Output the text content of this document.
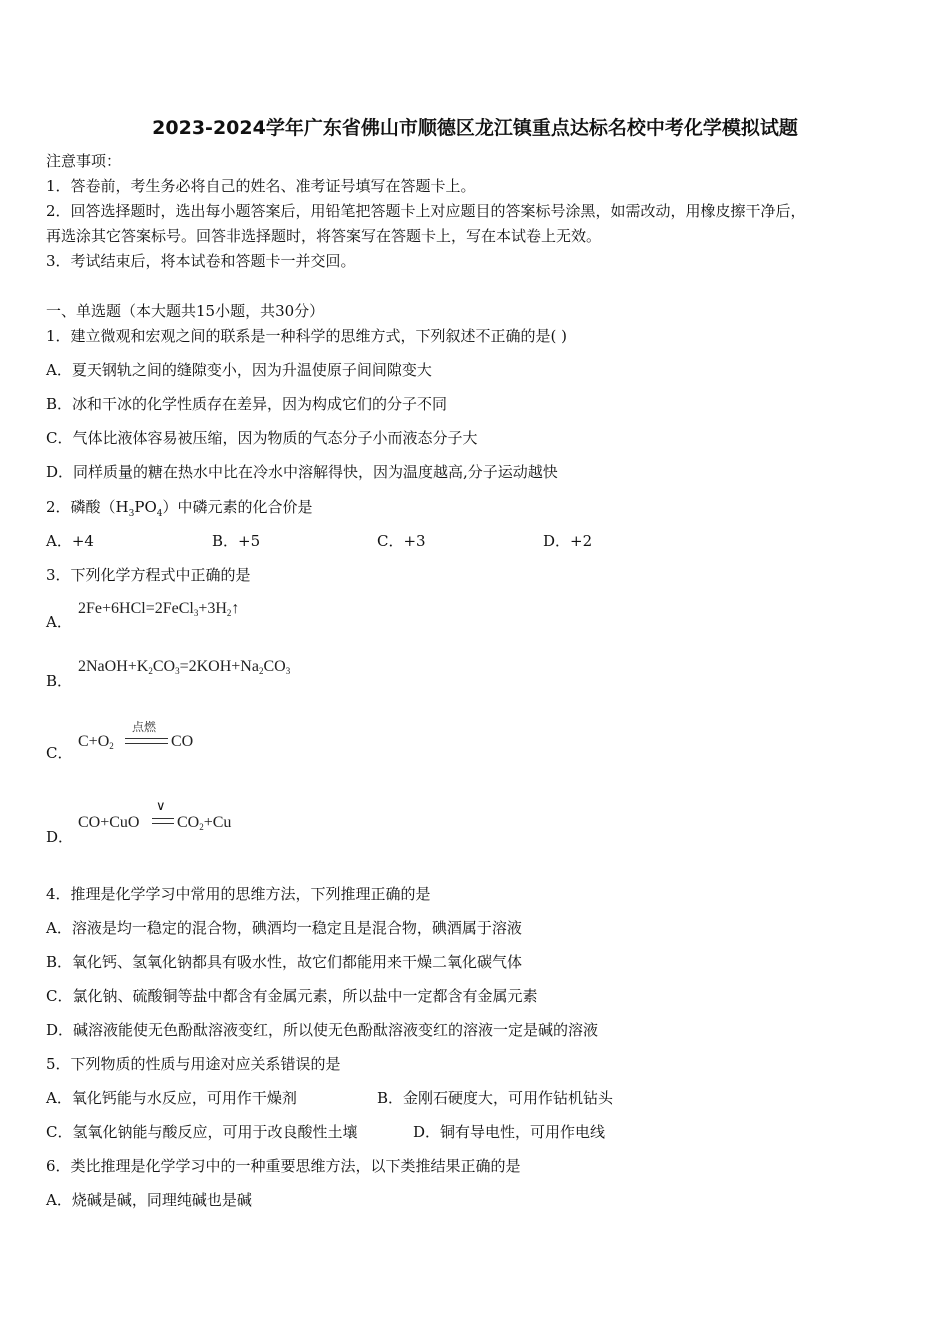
2023-2024学年广东省佛山市顺德区龙江镇重点达标名校中考化学模拟试题
注意事项：
1．答卷前，考生务必将自己的姓名、准考证号填写在答题卡上。
2．回答选择题时，选出每小题答案后，用铅笔把答题卡上对应题目的答案标号涂黑，如需改动，用橡皮擦干净后，
再选涂其它答案标号。回答非选择题时，将答案写在答题卡上，写在本试卷上无效。
3．考试结束后，将本试卷和答题卡一并交回。
一、单选题（本大题共15小题，共30分）
1．建立微观和宏观之间的联系是一种科学的思维方式，下列叙述不正确的是( )
A．夏天钢轨之间的缝隙变小，因为升温使原子间间隙变大
B．冰和干冰的化学性质存在差异，因为构成它们的分子不同
C．气体比液体容易被压缩，因为物质的气态分子小而液态分子大
D．同样质量的糖在热水中比在冷水中溶解得快，因为温度越高,分子运动越快
2．磷酸$(H_3PO_4)$中磷元素的化合价是
A．+4	B．+5	C．+3	D．+2
3．下列化学方程式中正确的是
A．
$2Fe+6HCl=2FeCl_3+3H_2↑$
B．
$2NaOH+K_2CO_3=2KOH+Na_2CO_3$
C．
$C+O_2$
点燃
CO
D．
CO+CuO
∨
$CO_2+Cu$
4．推理是化学学习中常用的思维方法，下列推理正确的是
A．溶液是均一稳定的混合物，碘酒均一稳定且是混合物，碘酒属于溶液
B．氧化钙、氢氧化钠都具有吸水性，故它们都能用来干燥二氧化碳气体
C．氯化钠、硫酸铜等盐中都含有金属元素，所以盐中一定都含有金属元素
D．碱溶液能使无色酚酞溶液变红，所以使无色酚酞溶液变红的溶液一定是碱的溶液
5．下列物质的性质与用途对应关系错误的是
A．氧化钙能与水反应，可用作干燥剂	B．金刚石硬度大，可用作钻机钻头
C．氢氧化钠能与酸反应，可用于改良酸性土壤	D．铜有导电性，可用作电线
6．类比推理是化学学习中的一种重要思维方法，以下类推结果正确的是
A．烧碱是碱，同理纯碱也是碱
